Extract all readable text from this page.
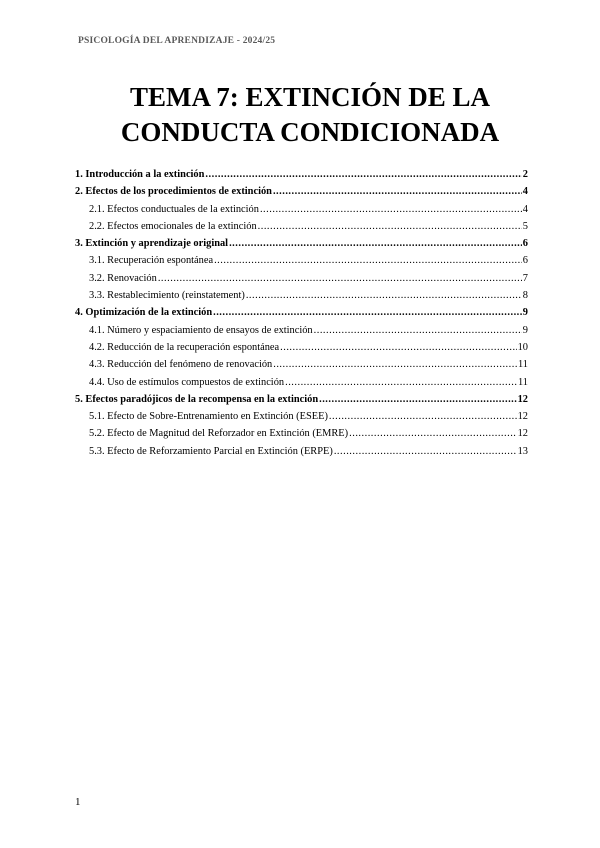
PSICOLOGÍA DEL APRENDIZAJE - 2024/25
TEMA 7: EXTINCIÓN DE LA
CONDUCTA CONDICIONADA
1. Introducción a la extinción .....	2
2. Efectos de los procedimientos de extinción .....	4
2.1. Efectos conductuales de la extinción .....	4
2.2. Efectos emocionales de la extinción .....	5
3. Extinción y aprendizaje original .....	6
3.1. Recuperación espontánea .....	6
3.2. Renovación .....	7
3.3. Restablecimiento (reinstatement) .....	8
4. Optimización de la extinción .....	9
4.1. Número y espaciamiento de ensayos de extinción .....	9
4.2. Reducción de la recuperación espontánea .....	10
4.3. Reducción del fenómeno de renovación .....	11
4.4. Uso de estímulos compuestos de extinción .....	11
5. Efectos paradójicos de la recompensa en la extinción .....	12
5.1. Efecto de Sobre-Entrenamiento en Extinción (ESEE) .....	12
5.2. Efecto de Magnitud del Reforzador en Extinción (EMRE) .....	12
5.3. Efecto de Reforzamiento Parcial en Extinción (ERPE) .....	13
1
